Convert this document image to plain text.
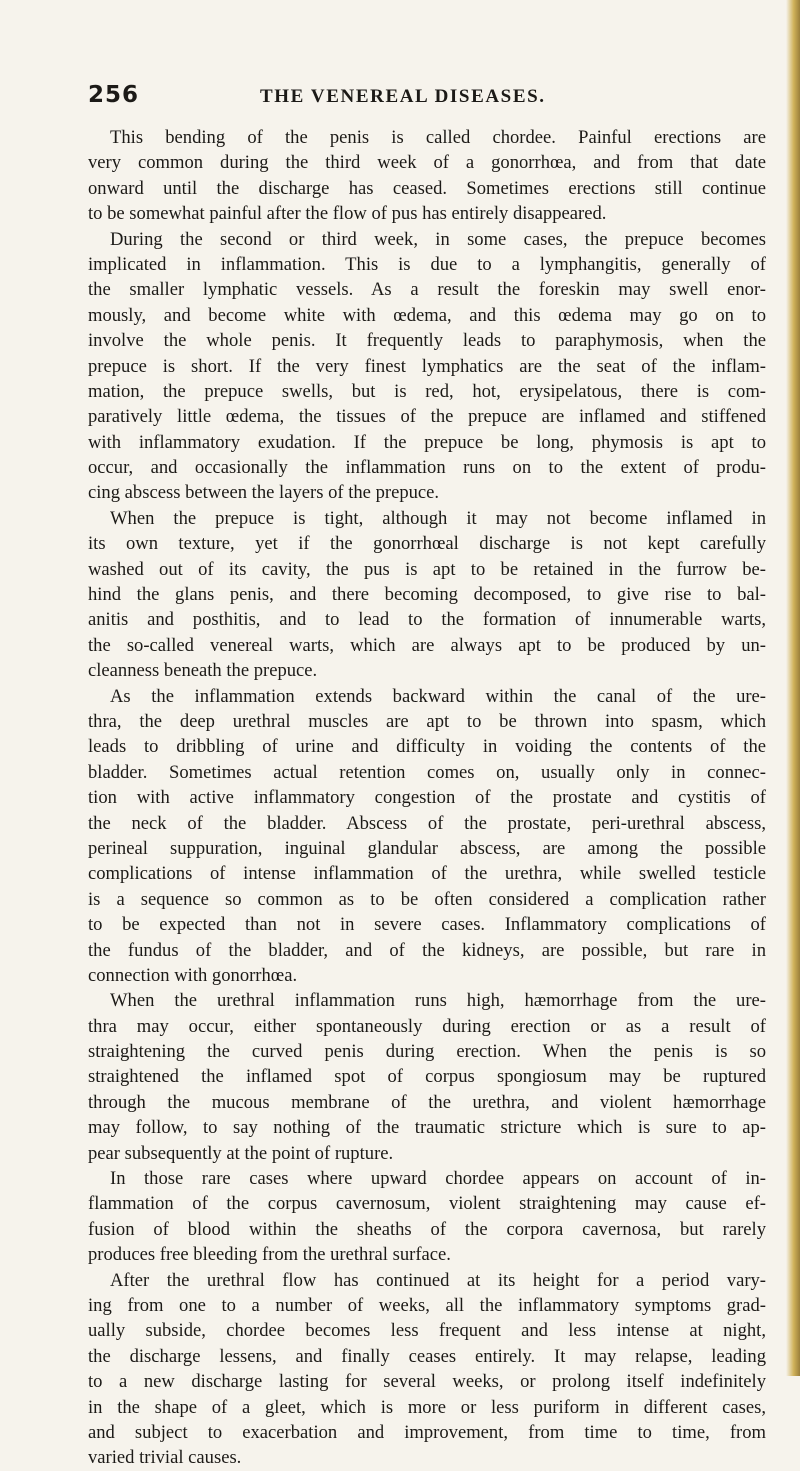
256	THE VENEREAL DISEASES.
This bending of the penis is called chordee. Painful erections are
very common during the third week of a gonorrhœa, and from that date
onward until the discharge has ceased. Sometimes erections still continue
to be somewhat painful after the flow of pus has entirely disappeared.
During the second or third week, in some cases, the prepuce becomes
implicated in inflammation. This is due to a lymphangitis, generally of
the smaller lymphatic vessels. As a result the foreskin may swell enor-
mously, and become white with œdema, and this œdema may go on to
involve the whole penis. It frequently leads to paraphymosis, when the
prepuce is short. If the very finest lymphatics are the seat of the inflam-
mation, the prepuce swells, but is red, hot, erysipelatous, there is com-
paratively little œdema, the tissues of the prepuce are inflamed and stiffened
with inflammatory exudation. If the prepuce be long, phymosis is apt to
occur, and occasionally the inflammation runs on to the extent of produ-
cing abscess between the layers of the prepuce.
When the prepuce is tight, although it may not become inflamed in
its own texture, yet if the gonorrhœal discharge is not kept carefully
washed out of its cavity, the pus is apt to be retained in the furrow be-
hind the glans penis, and there becoming decomposed, to give rise to bal-
anitis and posthitis, and to lead to the formation of innumerable warts,
the so-called venereal warts, which are always apt to be produced by un-
cleanness beneath the prepuce.
As the inflammation extends backward within the canal of the ure-
thra, the deep urethral muscles are apt to be thrown into spasm, which
leads to dribbling of urine and difficulty in voiding the contents of the
bladder. Sometimes actual retention comes on, usually only in connec-
tion with active inflammatory congestion of the prostate and cystitis of
the neck of the bladder. Abscess of the prostate, peri-urethral abscess,
perineal suppuration, inguinal glandular abscess, are among the possible
complications of intense inflammation of the urethra, while swelled testicle
is a sequence so common as to be often considered a complication rather
to be expected than not in severe cases. Inflammatory complications of
the fundus of the bladder, and of the kidneys, are possible, but rare in
connection with gonorrhœa.
When the urethral inflammation runs high, hæmorrhage from the ure-
thra may occur, either spontaneously during erection or as a result of
straightening the curved penis during erection. When the penis is so
straightened the inflamed spot of corpus spongiosum may be ruptured
through the mucous membrane of the urethra, and violent hæmorrhage
may follow, to say nothing of the traumatic stricture which is sure to ap-
pear subsequently at the point of rupture.
In those rare cases where upward chordee appears on account of in-
flammation of the corpus cavernosum, violent straightening may cause ef-
fusion of blood within the sheaths of the corpora cavernosa, but rarely
produces free bleeding from the urethral surface.
After the urethral flow has continued at its height for a period vary-
ing from one to a number of weeks, all the inflammatory symptoms grad-
ually subside, chordee becomes less frequent and less intense at night,
the discharge lessens, and finally ceases entirely. It may relapse, leading
to a new discharge lasting for several weeks, or prolong itself indefinitely
in the shape of a gleet, which is more or less puriform in different cases,
and subject to exacerbation and improvement, from time to time, from
varied trivial causes.
